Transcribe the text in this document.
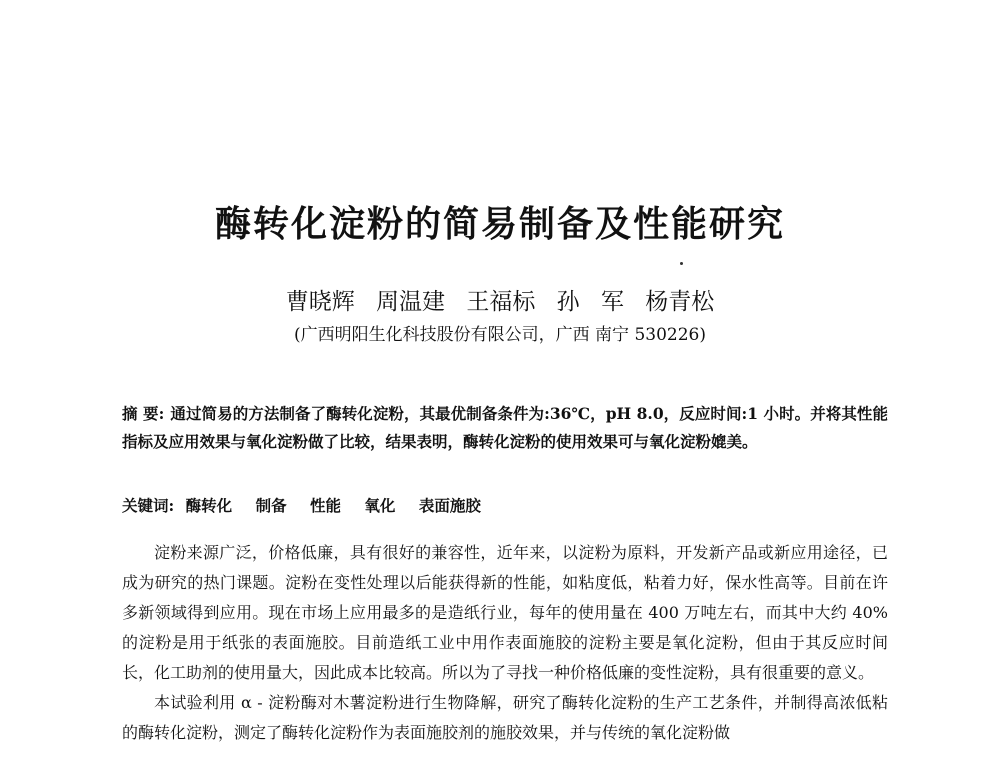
酶转化淀粉的简易制备及性能研究
曹晓辉 周温建 王福标 孙 军 杨青松
(广西明阳生化科技股份有限公司，广西 南宁 530226)
摘 要: 通过简易的方法制备了酶转化淀粉，其最优制备条件为:36℃，pH 8.0，反应时间:1 小时。并将其性能指标及应用效果与氧化淀粉做了比较，结果表明，酶转化淀粉的使用效果可与氧化淀粉媲美。
关键词: 酶转化 制备 性能 氧化 表面施胶

淀粉来源广泛，价格低廉，具有很好的兼容性，近年来，以淀粉为原料，开发新产品或新应用途径，已成为研究的热门课题。淀粉在变性处理以后能获得新的性能，如粘度低，粘着力好，保水性高等。目前在许多新领域得到应用。现在市场上应用最多的是造纸行业，每年的使用量在 400 万吨左右，而其中大约 40% 的淀粉是用于纸张的表面施胶。目前造纸工业中用作表面施胶的淀粉主要是氧化淀粉，但由于其反应时间长，化工助剂的使用量大，因此成本比较高。所以为了寻找一种价格低廉的变性淀粉，具有很重要的意义。

本试验利用 α - 淀粉酶对木薯淀粉进行生物降解，研究了酶转化淀粉的生产工艺条件，并制得高浓低粘的酶转化淀粉，测定了酶转化淀粉作为表面施胶剂的施胶效果，并与传统的氧化淀粉做
